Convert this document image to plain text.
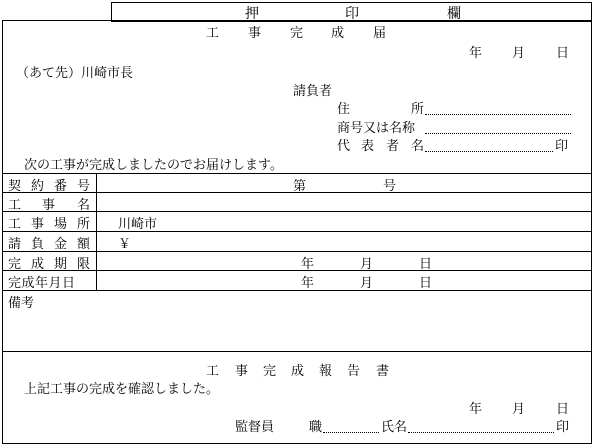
押	印	欄
工 事 完 成 届
年 月 日
（あて先）川崎市長
請負者
住	所
商号又は名称
代 表 者 名	印
次の工事が完成しましたのでお届けします。
契 約 番 号	第	号
工 事 名
工 事 場 所 川崎市
請 負 金 額 ￥
完 成 期 限	年	月	日
完成年月日	年	月	日
備考
工 事 完 成 報 告 書
上記工事の完成を確認しました。
年 月 日
監督員	職	氏名	印
